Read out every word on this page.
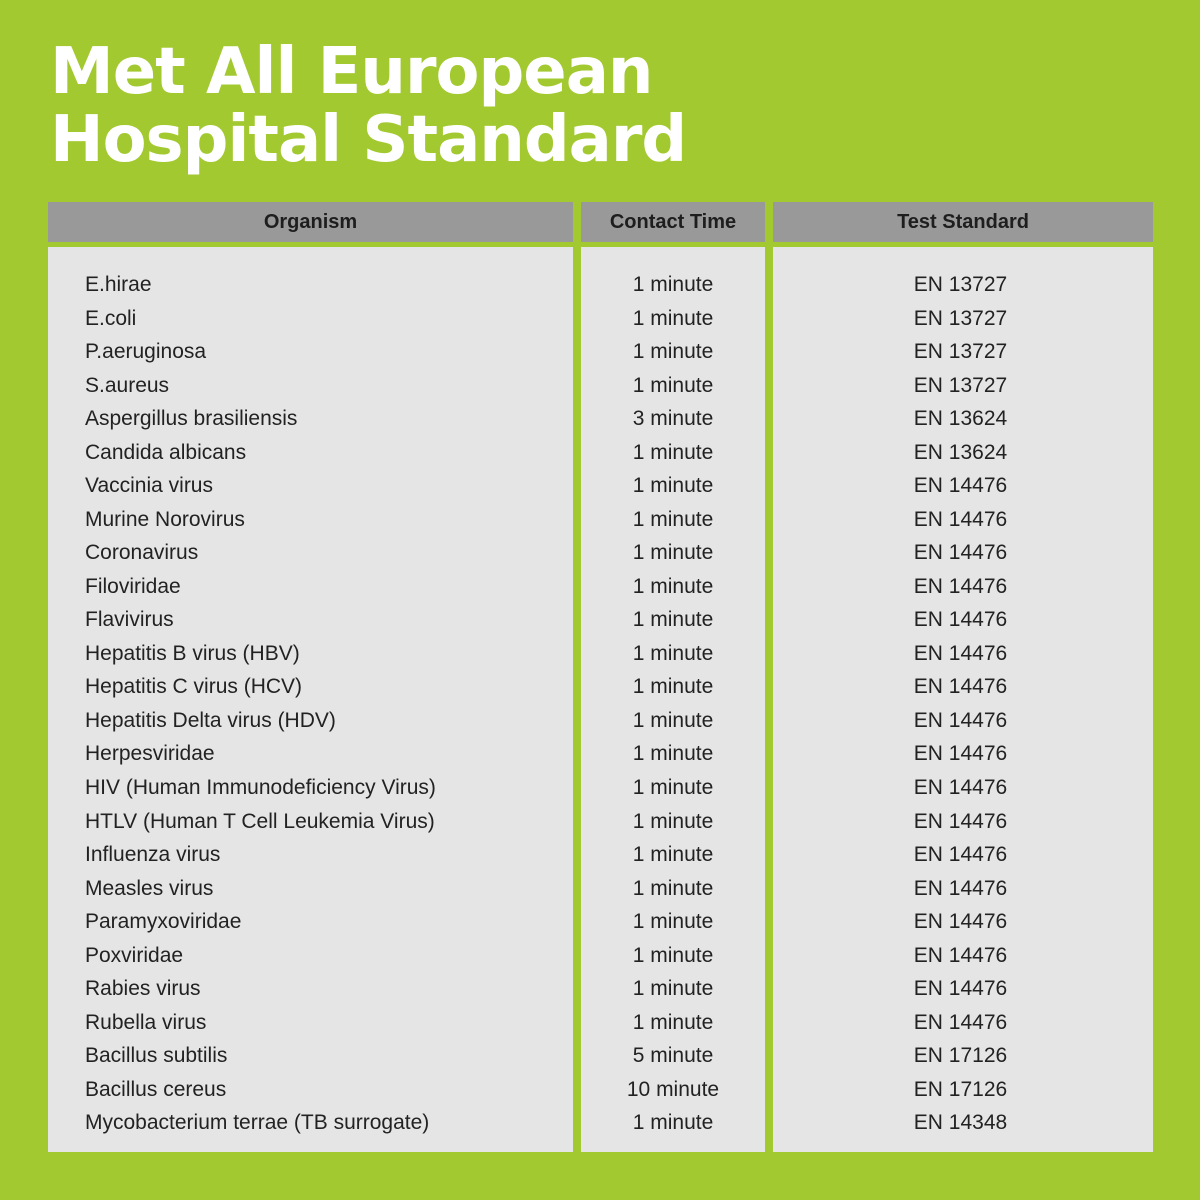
Met All European
Hospital Standard
Organism
E.hirae
E.coli
P.aeruginosa
S.aureus
Aspergillus brasiliensis
Candida albicans
Vaccinia virus
Murine Norovirus
Coronavirus
Filoviridae
Flavivirus
Hepatitis B virus (HBV)
Hepatitis C virus (HCV)
Hepatitis Delta virus (HDV)
Herpesviridae
HIV (Human Immunodeficiency Virus)
HTLV (Human T Cell Leukemia Virus)
Influenza virus
Measles virus
Paramyxoviridae
Poxviridae
Rabies virus
Rubella virus
Bacillus subtilis
Bacillus cereus
Mycobacterium terrae (TB surrogate)
Contact Time
1 minute
1 minute
1 minute
1 minute
3 minute
1 minute
1 minute
1 minute
1 minute
1 minute
1 minute
1 minute
1 minute
1 minute
1 minute
1 minute
1 minute
1 minute
1 minute
1 minute
1 minute
1 minute
1 minute
5 minute
10 minute
1 minute
Test Standard
EN 13727
EN 13727
EN 13727
EN 13727
EN 13624
EN 13624
EN 14476
EN 14476
EN 14476
EN 14476
EN 14476
EN 14476
EN 14476
EN 14476
EN 14476
EN 14476
EN 14476
EN 14476
EN 14476
EN 14476
EN 14476
EN 14476
EN 14476
EN 17126
EN 17126
EN 14348
